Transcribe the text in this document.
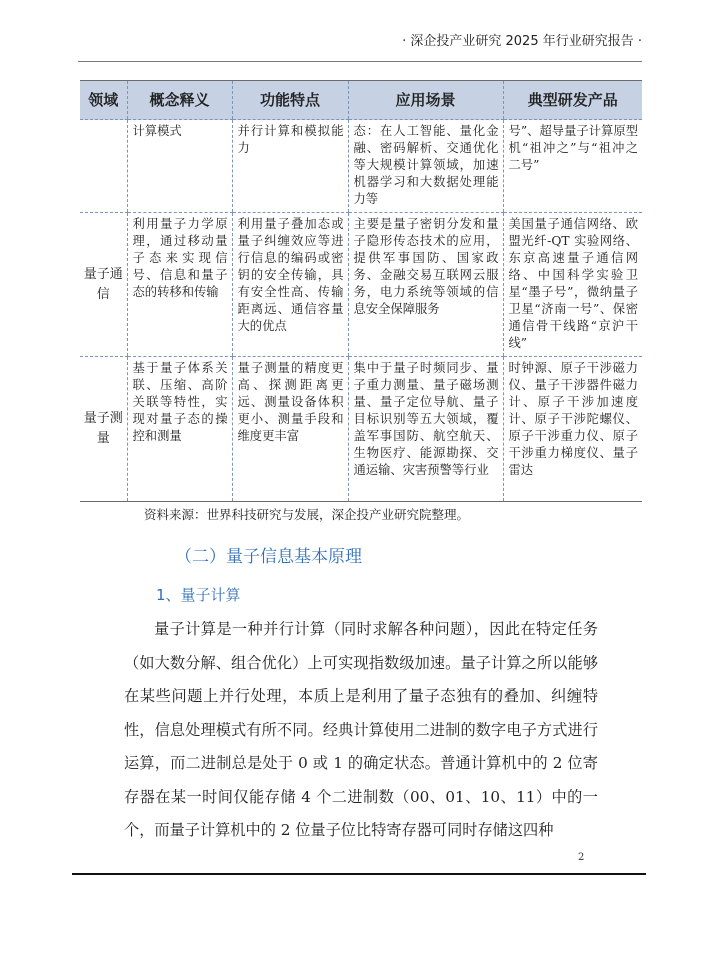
· 深企投产业研究 2025 年行业研究报告 ·
领域	概念释义	功能特点	应用场景	典型研发产品
	计算模式	并行计算和模拟能力	态：在人工智能、量化金融、密码解析、交通优化等大规模计算领域，加速机器学习和大数据处理能力等	号”、超导量子计算原型机“祖冲之”与“祖冲之二号”
量子通信	利用量子力学原理，通过移动量子态来实现信号、信息和量子态的转移和传输	利用量子叠加态或量子纠缠效应等进行信息的编码或密钥的安全传输，具有安全性高、传输距离远、通信容量大的优点	主要是量子密钥分发和量子隐形传态技术的应用，提供军事国防、国家政务、金融交易互联网云服务，电力系统等领域的信息安全保障服务	美国量子通信网络、欧盟光纤-QT 实验网络、东京高速量子通信网络、中国科学实验卫星“墨子号”，微纳量子卫星“济南一号”、保密通信骨干线路“京沪干线”
量子测量	基于量子体系关联、压缩、高阶关联等特性，实现对量子态的操控和测量	量子测量的精度更高、探测距离更远、测量设备体积更小、测量手段和维度更丰富	集中于量子时频同步、量子重力测量、量子磁场测量、量子定位导航、量子目标识别等五大领域，覆盖军事国防、航空航天、生物医疗、能源勘探、交通运输、灾害预警等行业	时钟源、原子干涉磁力仪、量子干涉器件磁力计、原子干涉加速度计、原子干涉陀螺仪、原子干涉重力仪、原子干涉重力梯度仪、量子雷达
资料来源：世界科技研究与发展，深企投产业研究院整理。
（二）量子信息基本原理
1、量子计算

量子计算是一种并行计算（同时求解各种问题），因此在特定任务（如大数分解、组合优化）上可实现指数级加速。量子计算之所以能够在某些问题上并行处理，本质上是利用了量子态独有的叠加、纠缠特性，信息处理模式有所不同。经典计算使用二进制的数字电子方式进行运算，而二进制总是处于 0 或 1 的确定状态。普通计算机中的 2 位寄存器在某一时间仅能存储 4 个二进制数（00、01、10、11）中的一个，而量子计算机中的 2 位量子位比特寄存器可同时存储这四种

2
